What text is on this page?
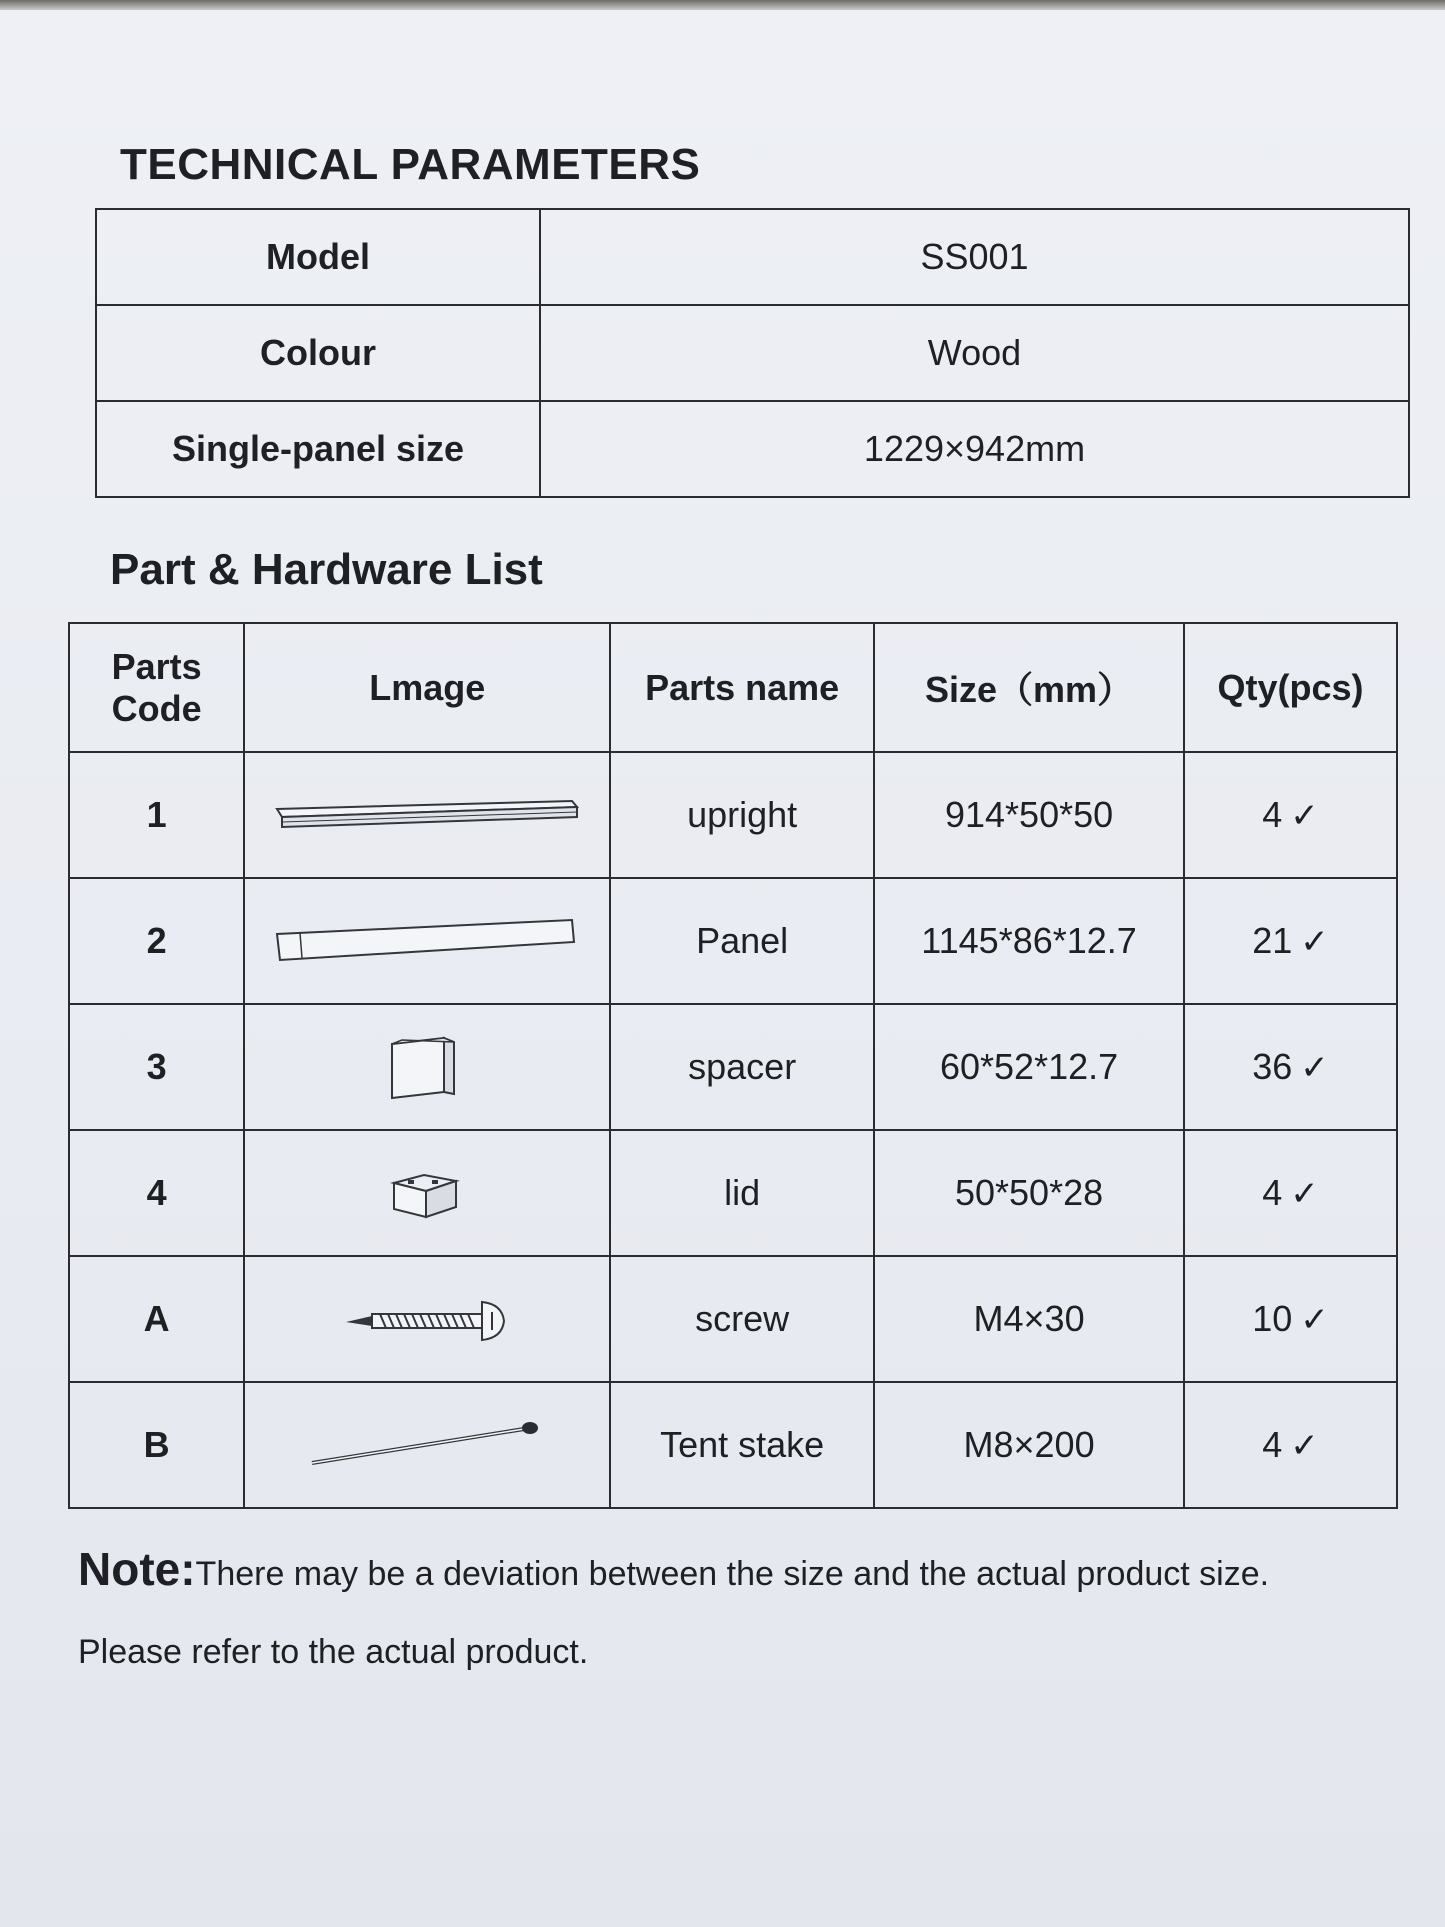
TECHNICAL PARAMETERS
Model	SS001
Colour	Wood
Single-panel size	1229×942mm
Part & Hardware List
Parts Code	Lmage	Parts name	Size（mm）	Qty(pcs)
1		upright	914*50*50	4 ✓
2		Panel	1145*86*12.7	21 ✓
3		spacer	60*52*12.7	36 ✓
4		lid	50*50*28	4 ✓
A		screw	M4×30	10 ✓
B		Tent stake	M8×200	4 ✓
Note:There may be a deviation between the size and the actual product size. Please refer to the actual product.
